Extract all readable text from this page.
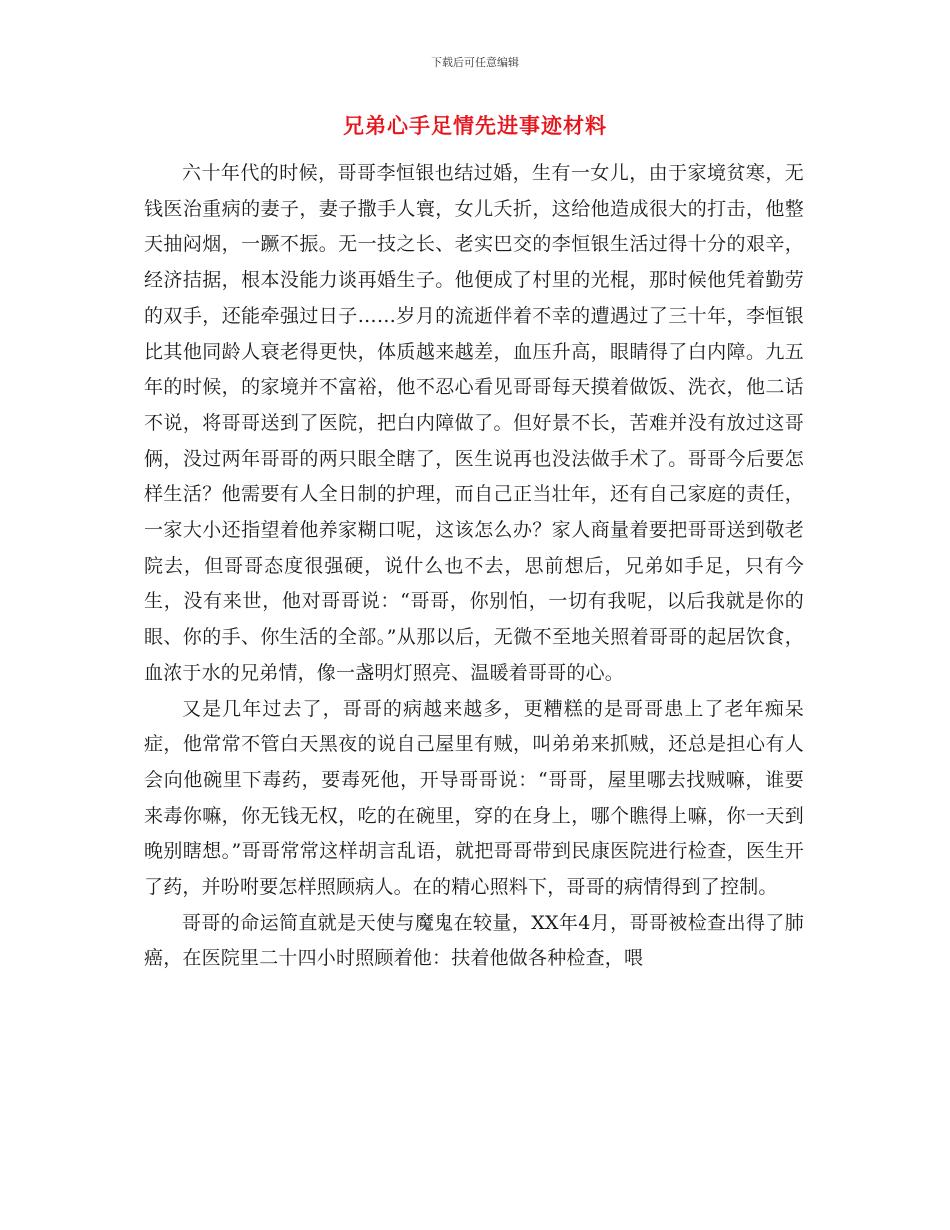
下载后可任意编辑
兄弟心手足情先进事迹材料

六十年代的时候，哥哥李恒银也结过婚，生有一女儿，由于家境贫寒，无钱医治重病的妻子，妻子撒手人寰，女儿夭折，这给他造成很大的打击，他整天抽闷烟，一蹶不振。无一技之长、老实巴交的李恒银生活过得十分的艰辛，经济拮据，根本没能力谈再婚生子。他便成了村里的光棍，那时候他凭着勤劳的双手，还能牵强过日子……岁月的流逝伴着不幸的遭遇过了三十年，李恒银比其他同龄人衰老得更快，体质越来越差，血压升高，眼睛得了白内障。九五年的时候，的家境并不富裕，他不忍心看见哥哥每天摸着做饭、洗衣，他二话不说，将哥哥送到了医院，把白内障做了。但好景不长，苦难并没有放过这哥俩，没过两年哥哥的两只眼全瞎了，医生说再也没法做手术了。哥哥今后要怎样生活？他需要有人全日制的护理，而自己正当壮年，还有自己家庭的责任，一家大小还指望着他养家糊口呢，这该怎么办？家人商量着要把哥哥送到敬老院去，但哥哥态度很强硬，说什么也不去，思前想后，兄弟如手足，只有今生，没有来世，他对哥哥说：“哥哥，你别怕，一切有我呢，以后我就是你的眼、你的手、你生活的全部。”从那以后，无微不至地关照着哥哥的起居饮食，血浓于水的兄弟情，像一盏明灯照亮、温暖着哥哥的心。

又是几年过去了，哥哥的病越来越多，更糟糕的是哥哥患上了老年痴呆症，他常常不管白天黑夜的说自己屋里有贼，叫弟弟来抓贼，还总是担心有人会向他碗里下毒药，要毒死他，开导哥哥说：“哥哥，屋里哪去找贼嘛，谁要来毒你嘛，你无钱无权，吃的在碗里，穿的在身上，哪个瞧得上嘛，你一天到晚别瞎想。”哥哥常常这样胡言乱语，就把哥哥带到民康医院进行检查，医生开了药，并吩咐要怎样照顾病人。在的精心照料下，哥哥的病情得到了控制。

哥哥的命运简直就是天使与魔鬼在较量，XX年4月，哥哥被检查出得了肺癌，在医院里二十四小时照顾着他：扶着他做各种检查，喂
